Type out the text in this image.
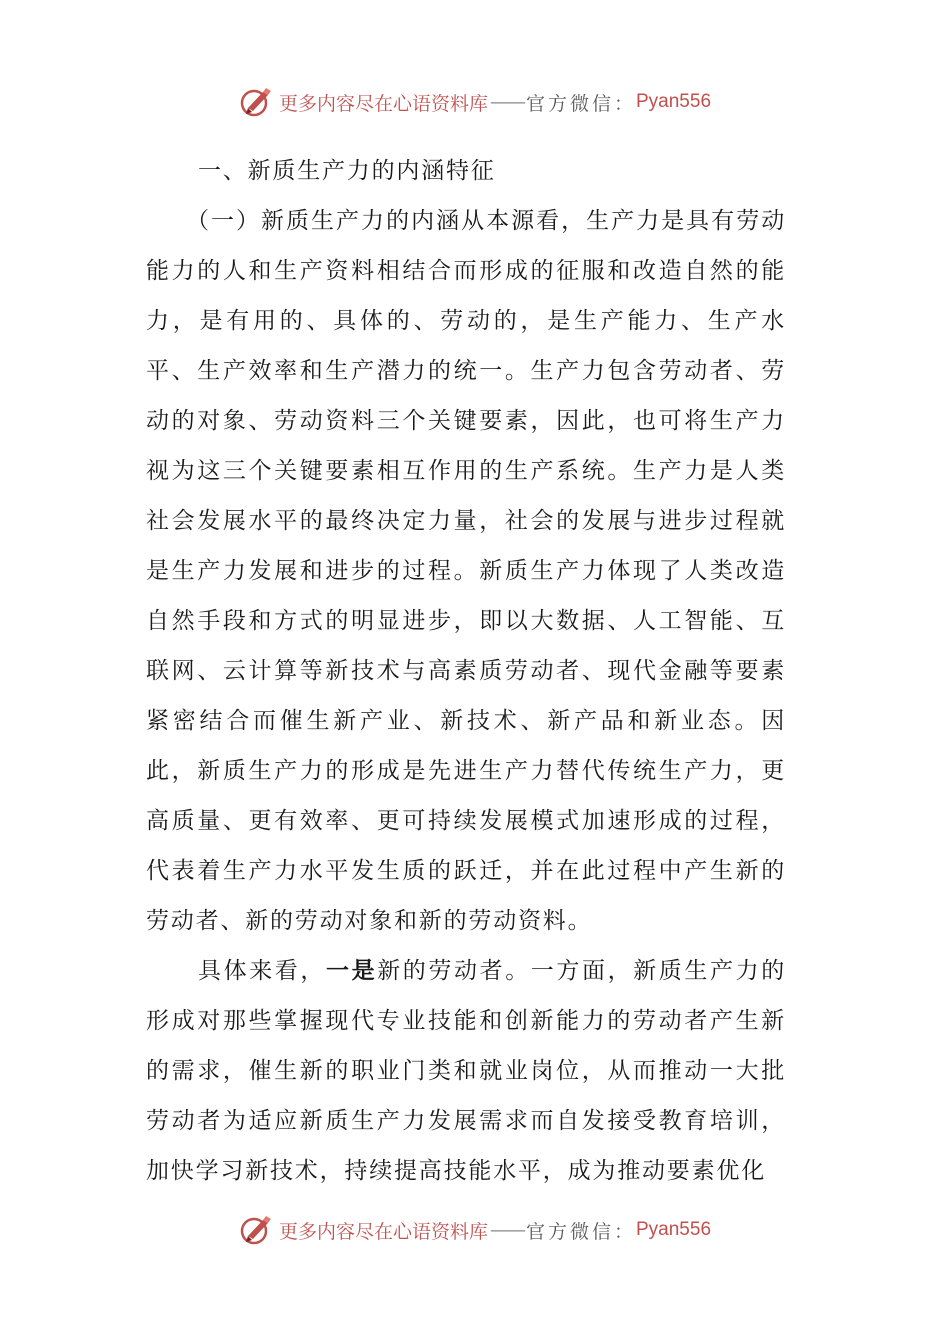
更多内容尽在心语资料库 —— 官方微信： Pyan556

一、新质生产力的内涵特征

（一）新质生产力的内涵从本源看，生产力是具有劳动能力的人和生产资料相结合而形成的征服和改造自然的能力，是有用的、具体的、劳动的，是生产能力、生产水平、生产效率和生产潜力的统一。生产力包含劳动者、劳动的对象、劳动资料三个关键要素，因此，也可将生产力视为这三个关键要素相互作用的生产系统。生产力是人类社会发展水平的最终决定力量，社会的发展与进步过程就是生产力发展和进步的过程。新质生产力体现了人类改造自然手段和方式的明显进步，即以大数据、人工智能、互联网、云计算等新技术与高素质劳动者、现代金融等要素紧密结合而催生新产业、新技术、新产品和新业态。因此，新质生产力的形成是先进生产力替代传统生产力，更高质量、更有效率、更可持续发展模式加速形成的过程，代表着生产力水平发生质的跃迁，并在此过程中产生新的劳动者、新的劳动对象和新的劳动资料。

具体来看，一是新的劳动者。一方面，新质生产力的形成对那些掌握现代专业技能和创新能力的劳动者产生新的需求，催生新的职业门类和就业岗位，从而推动一大批劳动者为适应新质生产力发展需求而自发接受教育培训，加快学习新技术，持续提高技能水平，成为推动要素优化

更多内容尽在心语资料库 —— 官方微信： Pyan556
